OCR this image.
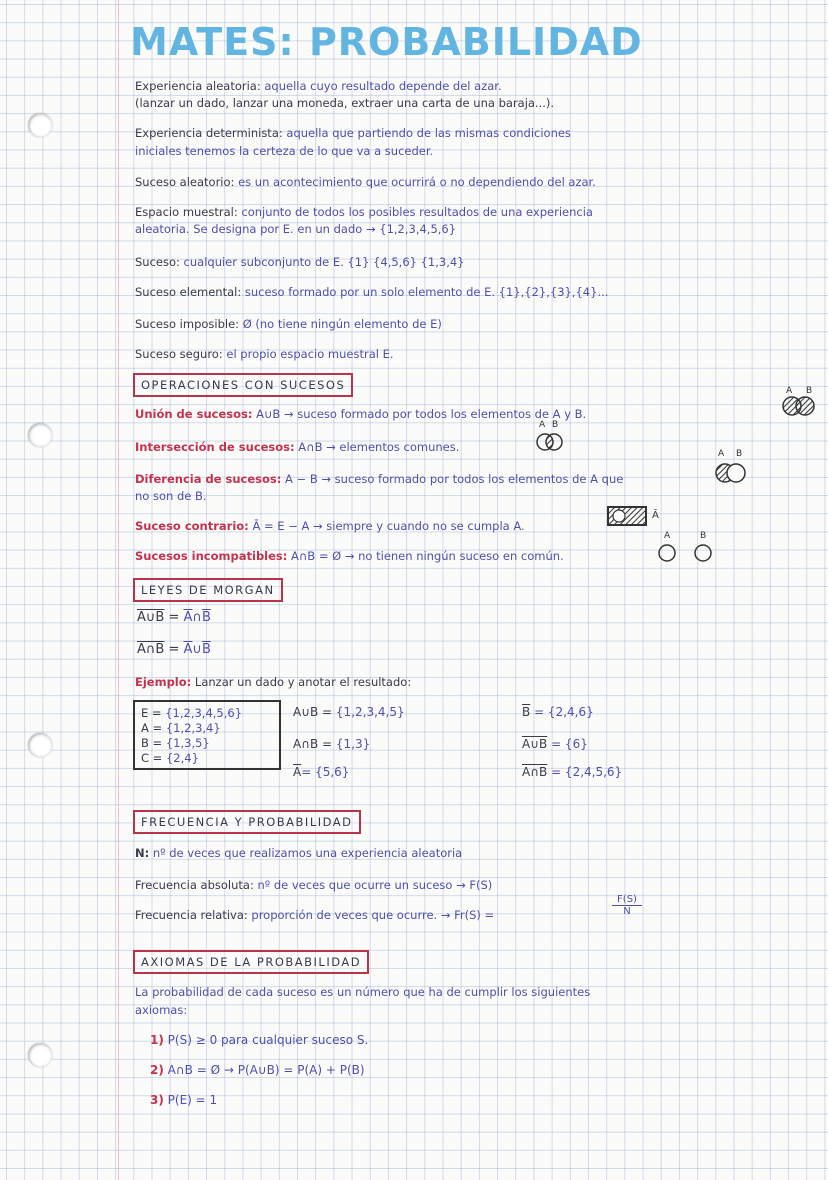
MATES: PROBABILIDAD
Experiencia aleatoria: aquella cuyo resultado depende del azar.
(lanzar un dado, lanzar una moneda, extraer una carta de una baraja...).
Experiencia determinista: aquella que partiendo de las mismas condiciones
iniciales tenemos la certeza de lo que va a suceder.
Suceso aleatorio: es un acontecimiento que ocurrirá o no dependiendo del azar.
Espacio muestral: conjunto de todos los posibles resultados de una experiencia
aleatoria. Se designa por E. en un dado → {1,2,3,4,5,6}
Suceso: cualquier subconjunto de E. {1} {4,5,6} {1,3,4}
Suceso elemental: suceso formado por un solo elemento de E. {1},{2},{3},{4}...
Suceso imposible: Ø (no tiene ningún elemento de E)
Suceso seguro: el propio espacio muestral E.
OPERACIONES CON SUCESOS
Unión de sucesos: A∪B → suceso formado por todos los elementos de A y B.
Intersección de sucesos: A∩B → elementos comunes.
Diferencia de sucesos: A − B → suceso formado por todos los elementos de A que
no son de B.
Suceso contrario: Ā = E − A → siempre y cuando no se cumpla A.
Sucesos incompatibles: A∩B = Ø → no tienen ningún suceso en común.
A B
A B
A B
Ā
A	B
LEYES DE MORGAN
A∪B = $\overline{A}\cap\overline{B}$
A∩B = $\overline{A}\cup\overline{B}$
Ejemplo: Lanzar un dado y anotar el resultado:
E = {1,2,3,4,5,6}
A = {1,2,3,4}
B = {1,3,5}
C = {2,4}
A∪B = {1,2,3,4,5}
A∩B = {1,3}
$\overline{A}= \{5,6\}$
$\overline{B} = \{2,4,6\}$
A∪B = {6}
A∩B = {2,4,5,6}
FRECUENCIA Y PROBABILIDAD
N: nº de veces que realizamos una experiencia aleatoria
Frecuencia absoluta: nº de veces que ocurre un suceso → F(S)
Frecuencia relativa: proporción de veces que ocurre. → Fr(S) =
F(S)
N
AXIOMAS DE LA PROBABILIDAD
La probabilidad de cada suceso es un número que ha de cumplir los siguientes
axiomas:
1) P(S) ≥ 0 para cualquier suceso S.
2) A∩B = Ø → P(A∪B) = P(A) + P(B)
3) P(E) = 1
